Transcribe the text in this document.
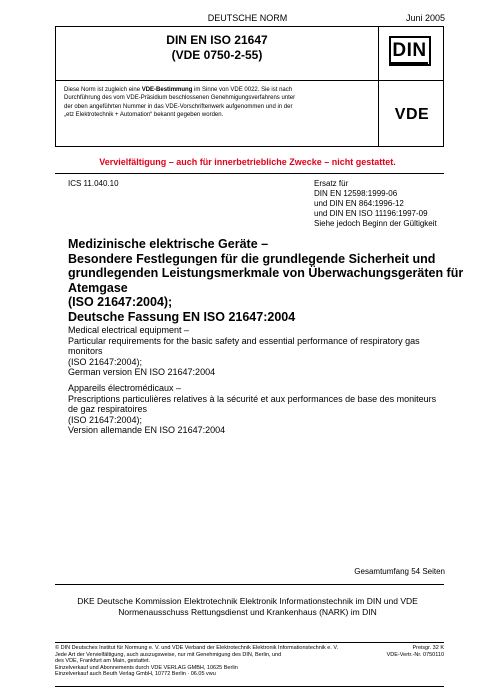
DEUTSCHE NORM	Juni 2005
DIN EN ISO 21647
(VDE 0750-2-55)	DIN
Diese Norm ist zugleich eine VDE-Bestimmung im Sinne von VDE 0022. Sie ist nach
Durchführung des vom VDE-Präsidium beschlossenen Genehmigungsverfahrens unter
der oben angeführten Nummer in das VDE-Vorschriftenwerk aufgenommen und in der
„etz Elektrotechnik + Automation“ bekannt gegeben worden.	VDE
Vervielfältigung – auch für innerbetriebliche Zwecke – nicht gestattet.
ICS 11.040.10	Ersatz für
DIN EN 12598:1999-06
und DIN EN 864:1996-12
und DIN EN ISO 11196:1997-09
Siehe jedoch Beginn der Gültigkeit
Medizinische elektrische Geräte –
Besondere Festlegungen für die grundlegende Sicherheit und
grundlegenden Leistungsmerkmale von Überwachungsgeräten für
Atemgase
(ISO 21647:2004);
Deutsche Fassung EN ISO 21647:2004
Medical electrical equipment –
Particular requirements for the basic safety and essential performance of respiratory gas
monitors
(ISO 21647:2004);
German version EN ISO 21647:2004
Appareils électromédicaux –
Prescriptions particulières relatives à la sécurité et aux performances de base des moniteurs
de gaz respiratoires
(ISO 21647:2004);
Version allemande EN ISO 21647:2004
Gesamtumfang 54 Seiten
DKE Deutsche Kommission Elektrotechnik Elektronik Informationstechnik im DIN und VDE
Normenausschuss Rettungsdienst und Krankenhaus (NARK) im DIN
© DIN Deutsches Institut für Normung e. V. und VDE Verband der Elektrotechnik Elektronik Informationstechnik e. V.
Jede Art der Vervielfältigung, auch auszugsweise, nur mit Genehmigung des DIN, Berlin, und
des VDE, Frankfurt am Main, gestattet.
Einzelverkauf und Abonnements durch VDE VERLAG GMBH, 10625 Berlin
Einzelverkauf auch Beuth Verlag GmbH, 10772 Berlin · 06.05 vwu
Preisgr. 32 K
VDE-Vertr.-Nr. 0750110
